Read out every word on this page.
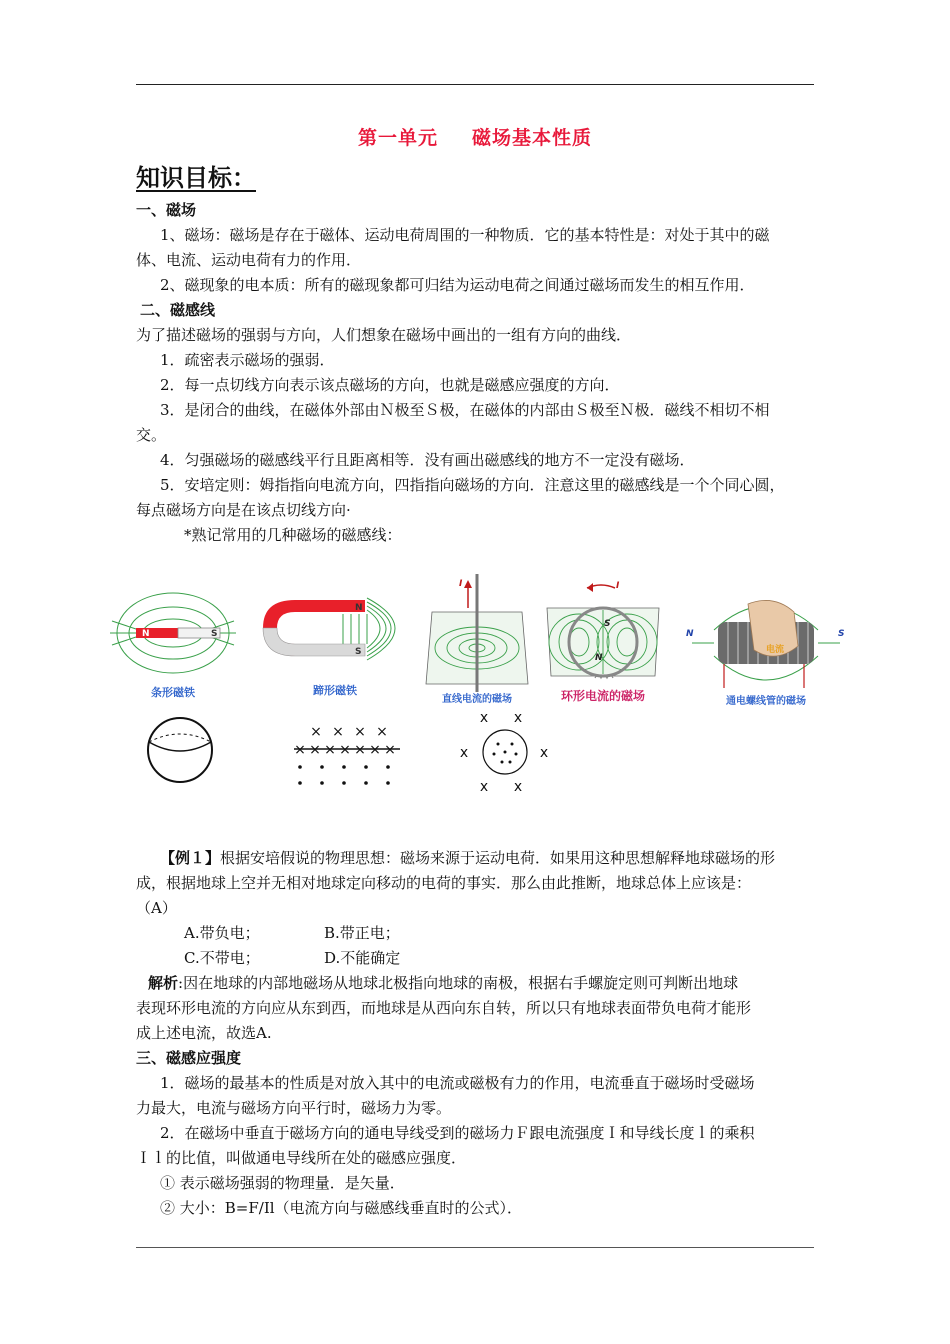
第一单元 磁场基本性质
知识目标：
一、磁场
1、磁场：磁场是存在于磁体、运动电荷周围的一种物质．它的基本特性是：对处于其中的磁
体、电流、运动电荷有力的作用．
2、磁现象的电本质：所有的磁现象都可归结为运动电荷之间通过磁场而发生的相互作用．
二、磁感线
为了描述磁场的强弱与方向，人们想象在磁场中画出的一组有方向的曲线．
1．疏密表示磁场的强弱．
2．每一点切线方向表示该点磁场的方向，也就是磁感应强度的方向．
3．是闭合的曲线，在磁体外部由Ｎ极至Ｓ极，在磁体的内部由Ｓ极至Ｎ极．磁线不相切不相
交。
4．匀强磁场的磁感线平行且距离相等．没有画出磁感线的地方不一定没有磁场．
5．安培定则：姆指指向电流方向，四指指向磁场的方向．注意这里的磁感线是一个个同心圆，
每点磁场方向是在该点切线方向·
*熟记常用的几种磁场的磁感线：
N	S
条形磁铁
N
S
蹄形磁铁
I
直线电流的磁场
I
S
N
环形电流的磁场
N	S
电流
通电螺线管的磁场
× × × ×
× × × × × × ×
x x
x	x
x x
【例１】根据安培假说的物理思想：磁场来源于运动电荷．如果用这种思想解释地球磁场的形
成，根据地球上空并无相对地球定向移动的电荷的事实．那么由此推断，地球总体上应该是：
（A）
A.带负电；	B.带正电；
C.不带电；	D.不能确定
解析:因在地球的内部地磁场从地球北极指向地球的南极，根据右手螺旋定则可判断出地球
表现环形电流的方向应从东到西，而地球是从西向东自转，所以只有地球表面带负电荷才能形
成上述电流，故选A.
三、磁感应强度
1．磁场的最基本的性质是对放入其中的电流或磁极有力的作用，电流垂直于磁场时受磁场
力最大，电流与磁场方向平行时，磁场力为零。
2．在磁场中垂直于磁场方向的通电导线受到的磁场力Ｆ跟电流强度Ｉ和导线长度ｌ的乘积
Ｉｌ的比值，叫做通电导线所在处的磁感应强度．
① 表示磁场强弱的物理量．是矢量．
② 大小：B=F/Il（电流方向与磁感线垂直时的公式）．
